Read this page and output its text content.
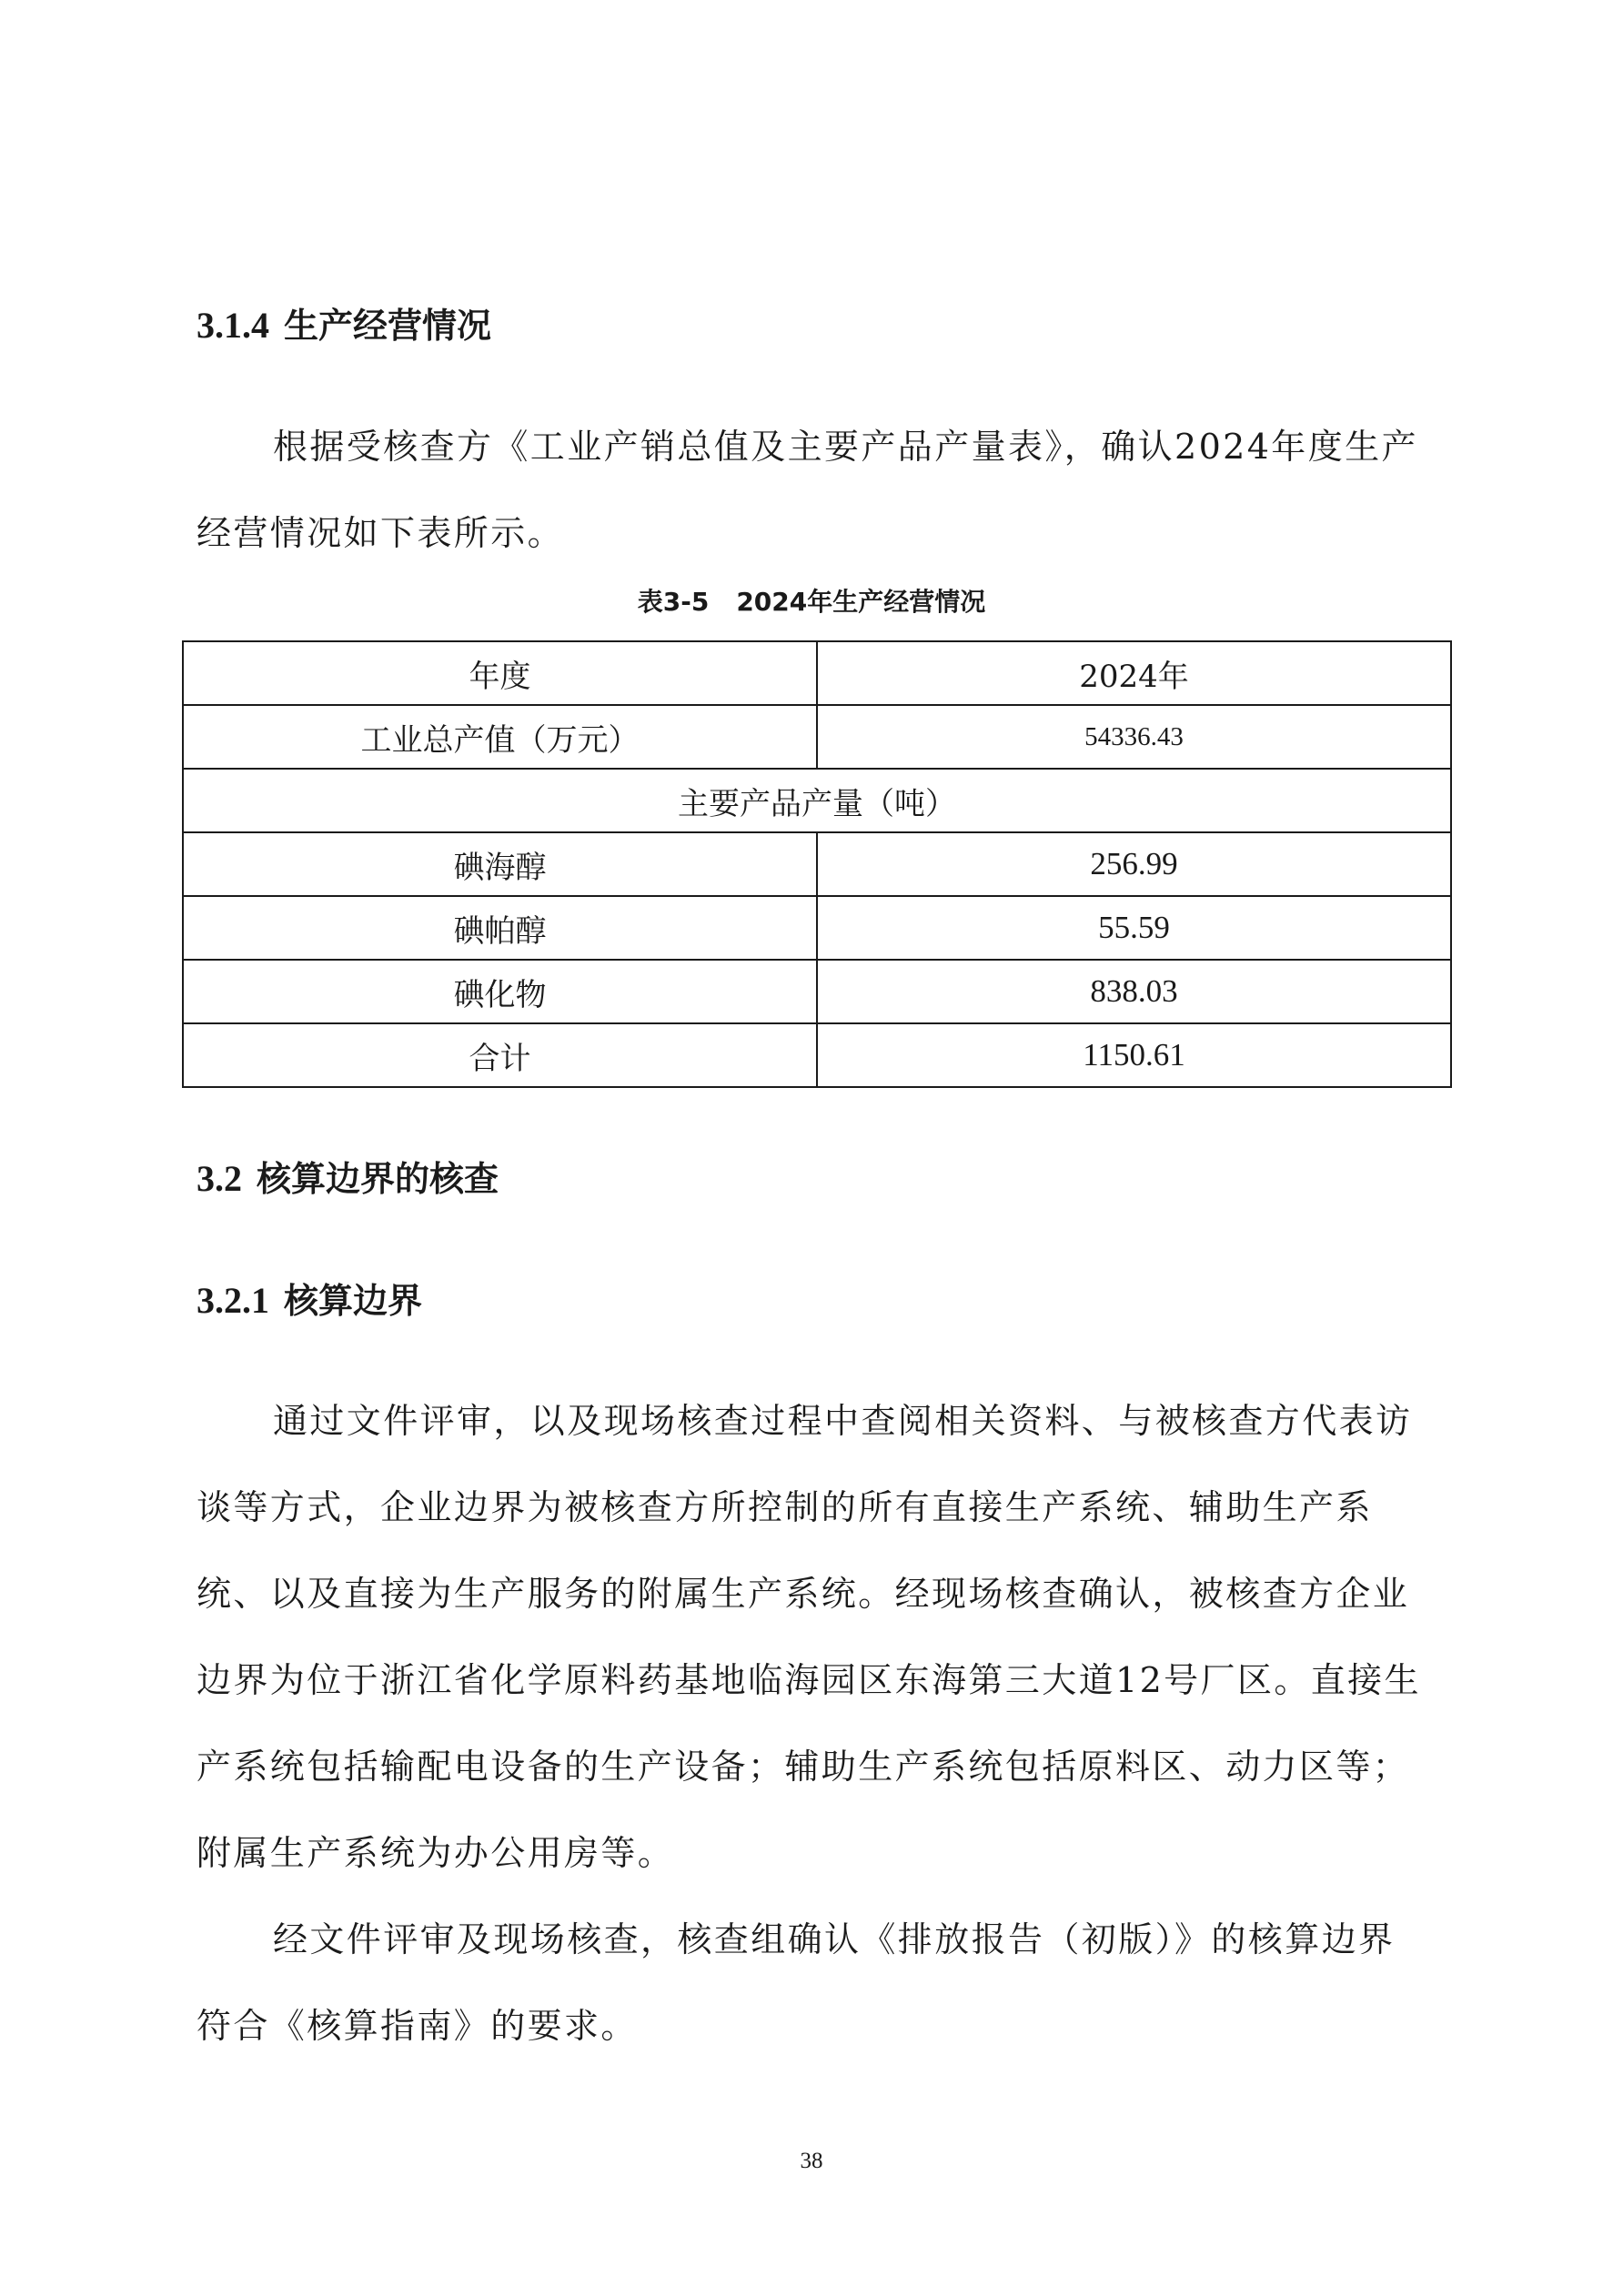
3.1.4 生产经营情况

根据受核查方《工业产销总值及主要产品产量表》，确认2024年度生产经营情况如下表所示。

表3-5 2024年生产经营情况
年度	2024年
工业总产值（万元）	54336.43
主要产品产量（吨）	
碘海醇	256.99
碘帕醇	55.59
碘化物	838.03
合计	1150.61
3.2 核算边界的核查
3.2.1 核算边界

通过文件评审，以及现场核查过程中查阅相关资料、与被核查方代表访谈等方式，企业边界为被核查方所控制的所有直接生产系统、辅助生产系统、以及直接为生产服务的附属生产系统。经现场核查确认，被核查方企业边界为位于浙江省化学原料药基地临海园区东海第三大道12号厂区。直接生产系统包括输配电设备的生产设备；辅助生产系统包括原料区、动力区等；附属生产系统为办公用房等。

经文件评审及现场核查，核查组确认《排放报告（初版）》的核算边界符合《核算指南》的要求。

38
